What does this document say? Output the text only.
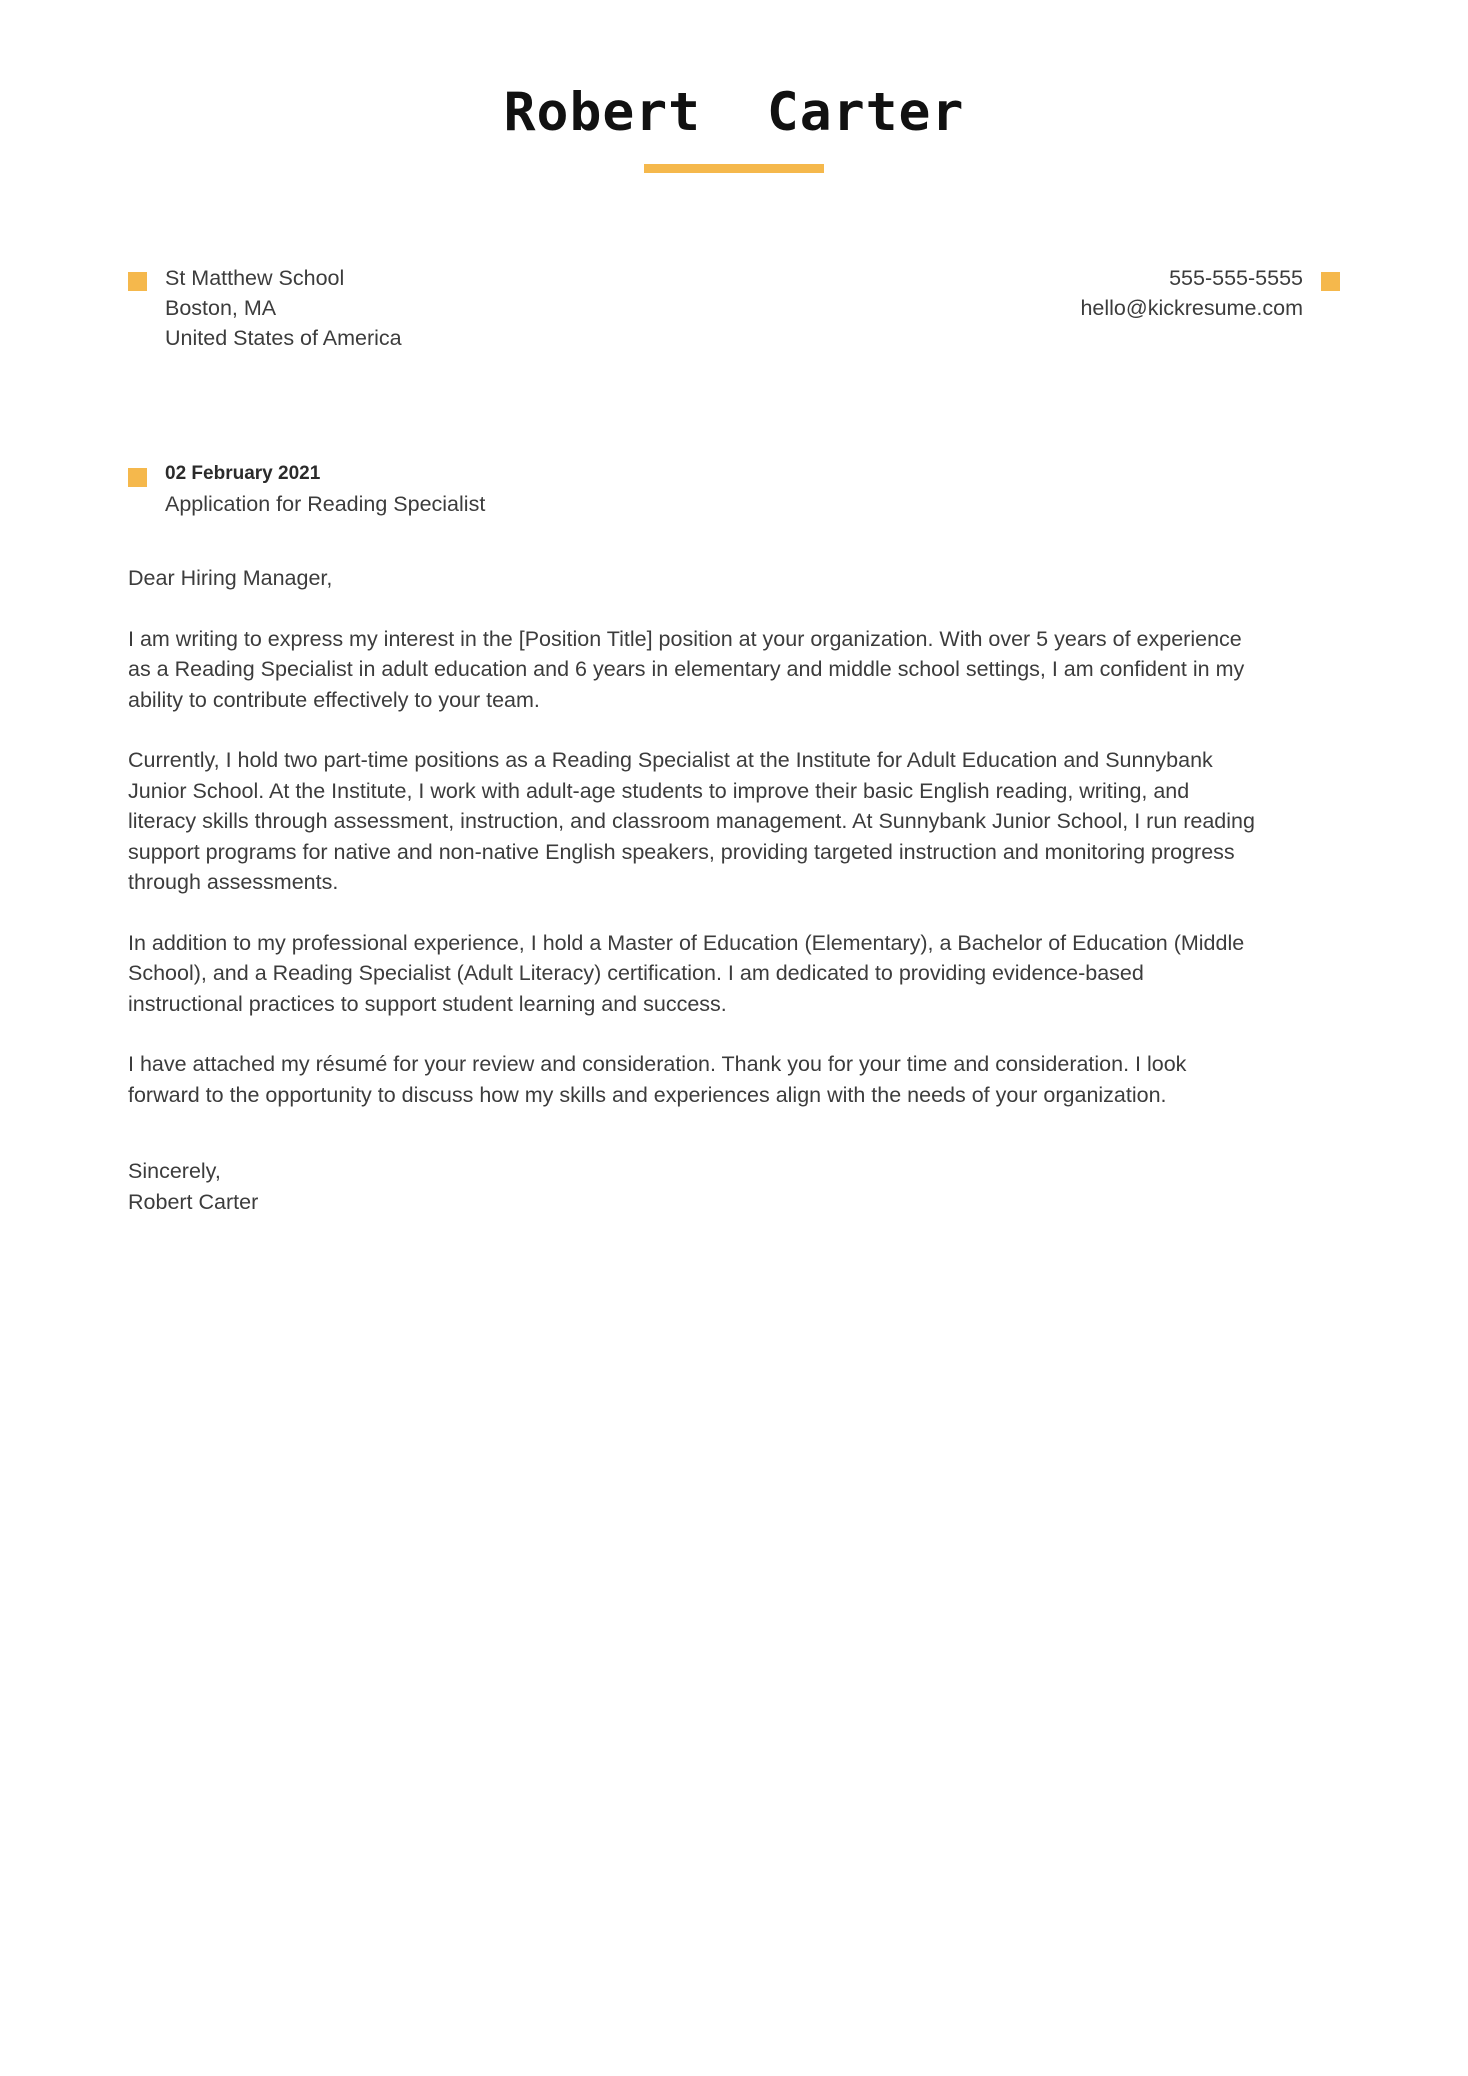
Robert  Carter
St Matthew School
Boston, MA
United States of America
555-555-5555
hello@kickresume.com
02 February 2021
Application for Reading Specialist

Dear Hiring Manager,

I am writing to express my interest in the [Position Title] position at your organization. With over 5 years of experience as a Reading Specialist in adult education and 6 years in elementary and middle school settings, I am confident in my ability to contribute effectively to your team.

Currently, I hold two part-time positions as a Reading Specialist at the Institute for Adult Education and Sunnybank Junior School. At the Institute, I work with adult-age students to improve their basic English reading, writing, and literacy skills through assessment, instruction, and classroom management. At Sunnybank Junior School, I run reading support programs for native and non-native English speakers, providing targeted instruction and monitoring progress through assessments.

In addition to my professional experience, I hold a Master of Education (Elementary), a Bachelor of Education (Middle School), and a Reading Specialist (Adult Literacy) certification. I am dedicated to providing evidence-based instructional practices to support student learning and success.

I have attached my résumé for your review and consideration. Thank you for your time and consideration. I look forward to the opportunity to discuss how my skills and experiences align with the needs of your organization.

Sincerely,
Robert Carter
